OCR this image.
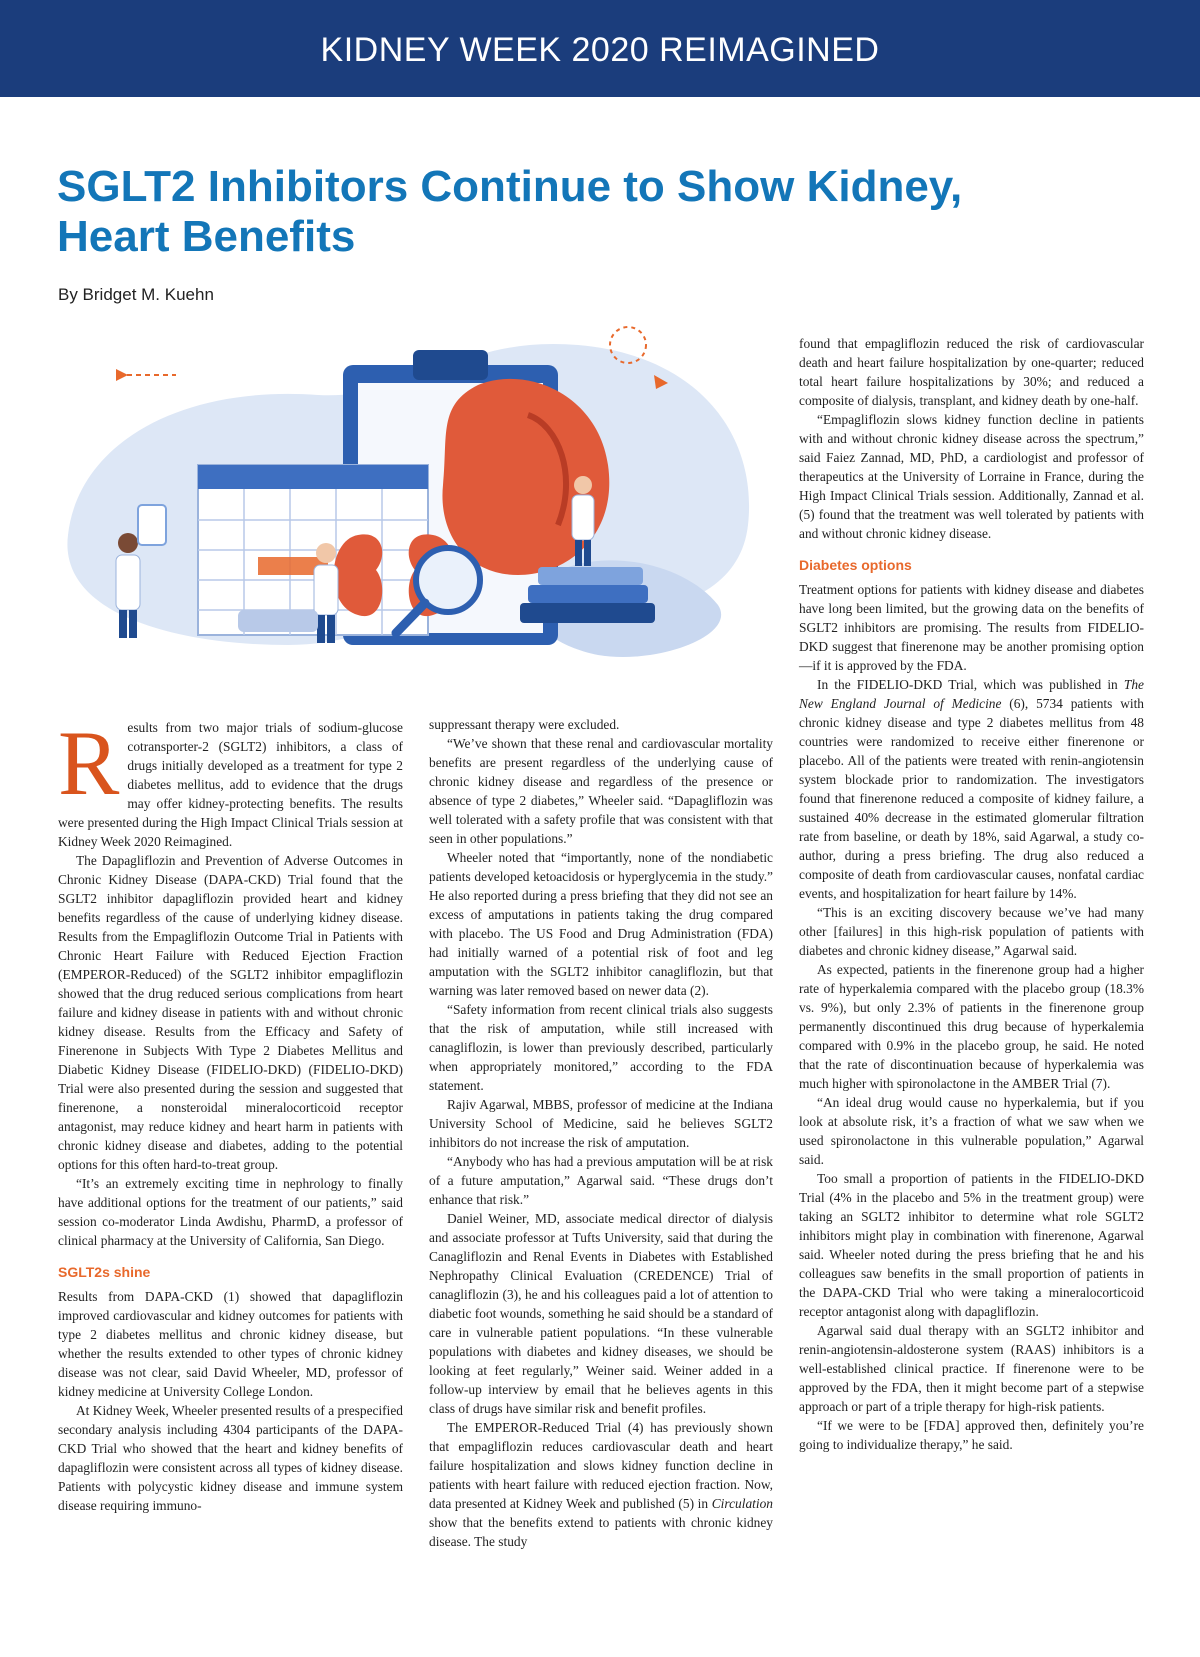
KIDNEY WEEK 2020 REIMAGINED
SGLT2 Inhibitors Continue to Show Kidney,
Heart Benefits

By Bridget M. Kuehn

Results from two major trials of sodium-glucose cotransporter-2 (SGLT2) inhibitors, a class of drugs initially developed as a treatment for type 2 diabetes mellitus, add to evidence that the drugs may offer kidney-protecting benefits. The results were presented during the High Impact Clinical Trials session at Kidney Week 2020 Reimagined.

The Dapagliflozin and Prevention of Adverse Outcomes in Chronic Kidney Disease (DAPA-CKD) Trial found that the SGLT2 inhibitor dapagliflozin provided heart and kidney benefits regardless of the cause of underlying kidney disease. Results from the Empagliflozin Outcome Trial in Patients with Chronic Heart Failure with Reduced Ejection Fraction (EMPEROR-Reduced) of the SGLT2 inhibitor empagliflozin showed that the drug reduced serious complications from heart failure and kidney disease in patients with and without chronic kidney disease. Results from the Efficacy and Safety of Finerenone in Subjects With Type 2 Diabetes Mellitus and Diabetic Kidney Disease (FIDELIO-DKD) (FIDELIO-DKD) Trial were also presented during the session and suggested that finerenone, a nonsteroidal mineralocorticoid receptor antagonist, may reduce kidney and heart harm in patients with chronic kidney disease and diabetes, adding to the potential options for this often hard-to-treat group.

“It’s an extremely exciting time in nephrology to finally have additional options for the treatment of our patients,” said session co-moderator Linda Awdishu, PharmD, a professor of clinical pharmacy at the University of California, San Diego.

SGLT2s shine

Results from DAPA-CKD (1) showed that dapagliflozin improved cardiovascular and kidney outcomes for patients with type 2 diabetes mellitus and chronic kidney disease, but whether the results extended to other types of chronic kidney disease was not clear, said David Wheeler, MD, professor of kidney medicine at University College London.

At Kidney Week, Wheeler presented results of a prespecified secondary analysis including 4304 participants of the DAPA-CKD Trial who showed that the heart and kidney benefits of dapagliflozin were consistent across all types of kidney disease. Patients with polycystic kidney disease and immune system disease requiring immuno-

suppressant therapy were excluded.

“We’ve shown that these renal and cardiovascular mortality benefits are present regardless of the underlying cause of chronic kidney disease and regardless of the presence or absence of type 2 diabetes,” Wheeler said. “Dapagliflozin was well tolerated with a safety profile that was consistent with that seen in other populations.”

Wheeler noted that “importantly, none of the nondiabetic patients developed ketoacidosis or hyperglycemia in the study.” He also reported during a press briefing that they did not see an excess of amputations in patients taking the drug compared with placebo. The US Food and Drug Administration (FDA) had initially warned of a potential risk of foot and leg amputation with the SGLT2 inhibitor canagliflozin, but that warning was later removed based on newer data (2).

“Safety information from recent clinical trials also suggests that the risk of amputation, while still increased with canagliflozin, is lower than previously described, particularly when appropriately monitored,” according to the FDA statement.

Rajiv Agarwal, MBBS, professor of medicine at the Indiana University School of Medicine, said he believes SGLT2 inhibitors do not increase the risk of amputation.

“Anybody who has had a previous amputation will be at risk of a future amputation,” Agarwal said. “These drugs don’t enhance that risk.”

Daniel Weiner, MD, associate medical director of dialysis and associate professor at Tufts University, said that during the Canagliflozin and Renal Events in Diabetes with Established Nephropathy Clinical Evaluation (CREDENCE) Trial of canagliflozin (3), he and his colleagues paid a lot of attention to diabetic foot wounds, something he said should be a standard of care in vulnerable patient populations. “In these vulnerable populations with diabetes and kidney diseases, we should be looking at feet regularly,” Weiner said. Weiner added in a follow-up interview by email that he believes agents in this class of drugs have similar risk and benefit profiles.

The EMPEROR-Reduced Trial (4) has previously shown that empagliflozin reduces cardiovascular death and heart failure hospitalization and slows kidney function decline in patients with heart failure with reduced ejection fraction. Now, data presented at Kidney Week and published (5) in Circulation show that the benefits extend to patients with chronic kidney disease. The study

found that empagliflozin reduced the risk of cardiovascular death and heart failure hospitalization by one-quarter; reduced total heart failure hospitalizations by 30%; and reduced a composite of dialysis, transplant, and kidney death by one-half.

“Empagliflozin slows kidney function decline in patients with and without chronic kidney disease across the spectrum,” said Faiez Zannad, MD, PhD, a cardiologist and professor of therapeutics at the University of Lorraine in France, during the High Impact Clinical Trials session. Additionally, Zannad et al. (5) found that the treatment was well tolerated by patients with and without chronic kidney disease.

Diabetes options

Treatment options for patients with kidney disease and diabetes have long been limited, but the growing data on the benefits of SGLT2 inhibitors are promising. The results from FIDELIO-DKD suggest that finerenone may be another promising option—if it is approved by the FDA.

In the FIDELIO-DKD Trial, which was published in The New England Journal of Medicine (6), 5734 patients with chronic kidney disease and type 2 diabetes mellitus from 48 countries were randomized to receive either finerenone or placebo. All of the patients were treated with renin-angiotensin system blockade prior to randomization. The investigators found that finerenone reduced a composite of kidney failure, a sustained 40% decrease in the estimated glomerular filtration rate from baseline, or death by 18%, said Agarwal, a study co-author, during a press briefing. The drug also reduced a composite of death from cardiovascular causes, nonfatal cardiac events, and hospitalization for heart failure by 14%.

“This is an exciting discovery because we’ve had many other [failures] in this high-risk population of patients with diabetes and chronic kidney disease,” Agarwal said.

As expected, patients in the finerenone group had a higher rate of hyperkalemia compared with the placebo group (18.3% vs. 9%), but only 2.3% of patients in the finerenone group permanently discontinued this drug because of hyperkalemia compared with 0.9% in the placebo group, he said. He noted that the rate of discontinuation because of hyperkalemia was much higher with spironolactone in the AMBER Trial (7).

“An ideal drug would cause no hyperkalemia, but if you look at absolute risk, it’s a fraction of what we saw when we used spironolactone in this vulnerable population,” Agarwal said.

Too small a proportion of patients in the FIDELIO-DKD Trial (4% in the placebo and 5% in the treatment group) were taking an SGLT2 inhibitor to determine what role SGLT2 inhibitors might play in combination with finerenone, Agarwal said. Wheeler noted during the press briefing that he and his colleagues saw benefits in the small proportion of patients in the DAPA-CKD Trial who were taking a mineralocorticoid receptor antagonist along with dapagliflozin.

Agarwal said dual therapy with an SGLT2 inhibitor and renin-angiotensin-aldosterone system (RAAS) inhibitors is a well-established clinical practice. If finerenone were to be approved by the FDA, then it might become part of a stepwise approach or part of a triple therapy for high-risk patients.

“If we were to be [FDA] approved then, definitely you’re going to individualize therapy,” he said.
